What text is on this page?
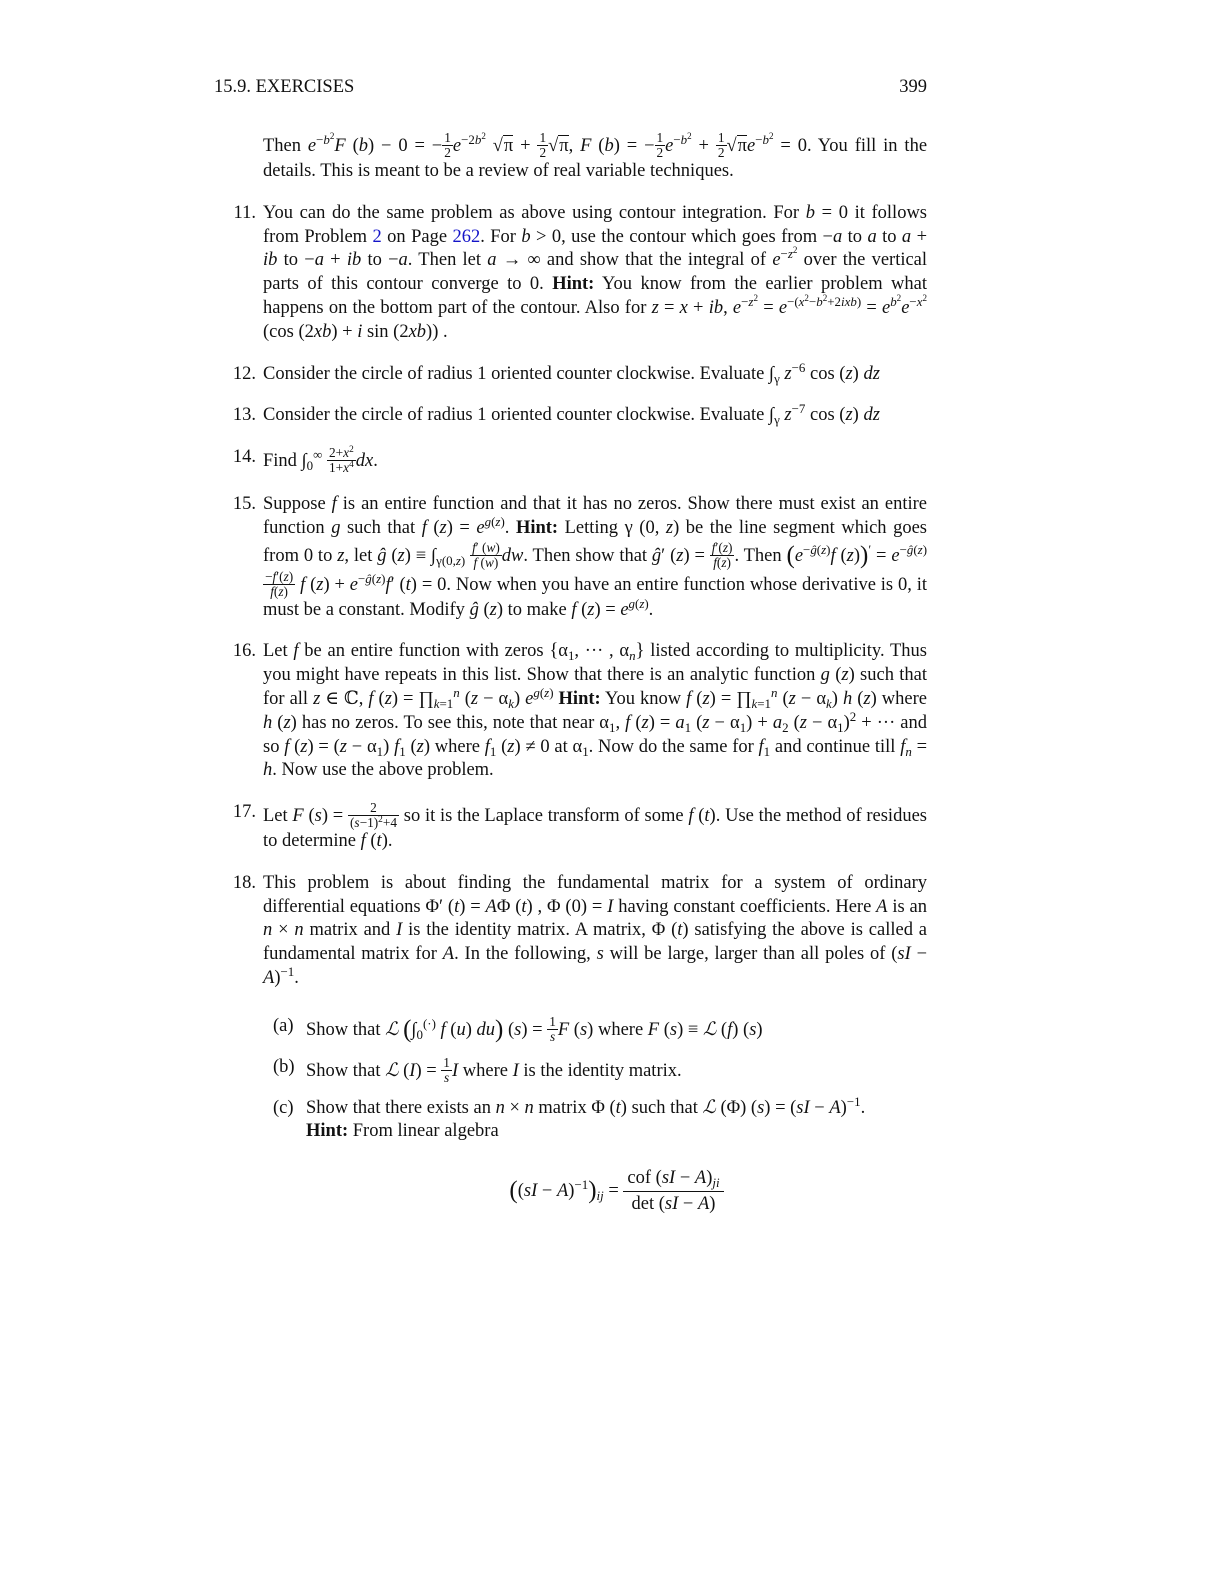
15.9. EXERCISES	399

Then $e^{-b^2}F$ (b) − 0 = − $\frac{1}{2} e^{-2b^2}$ $√\pi + \frac{1}{2} √\pi$, F (b) = − $\frac{1}{2} e^{-b^2} + \frac{1}{2} √\pi e^{-b^2} = 0$. You fill in the details. This is meant to be a review of real variable techniques.

11. You can do the same problem as above using contour integration. For b = 0 it follows from Problem 2 on Page 262. For b > 0, use the contour which goes from −a to a to a + ib to −a + ib to −a. Then let a → ∞ and show that the integral of $e^{-z^2}$ over the vertical parts of this contour converge to 0. Hint: You know from the earlier problem what happens on the bottom part of the contour. Also for z = x + ib, $e^{-z^2} = e^{-(x^2-b^2+2ixb)} = e^{b^2}e^{-x^2}$ (cos (2xb) + i sin (2xb)) .

12. Consider the circle of radius 1 oriented counter clockwise. Evaluate $\int_\gamma$ $z^{-6}$ cos (z) dz

13. Consider the circle of radius 1 oriented counter clockwise. Evaluate $\int_\gamma$ $z^{-7}$ cos (z) dz

14. Find $\int_0^\infty \frac{2+x^2}{1+x^4}$ dx.

15. Suppose f is an entire function and that it has no zeros. Show there must exist an entire function g such that f $(z) = e^{g(z)}$. Hint: Letting γ (0, z) be the line segment which goes from 0 to z, let ĝ $(z) \equiv \int_{\gamma(0,z)} \frac{f' (w)}{f (w)}$ dw. Then show that ĝ′ $(z) = \frac{f'(z)}{f(z)}$ . Then ($e^{-ĝ(z)}f$ $(z))' = e^{-ĝ(z)}$
$\frac{-f'(z)}{f(z)}$ f $(z) + e^{-ĝ(z)}f'$ (t) = 0. Now when you have an entire function whose derivative is 0, it must be a constant. Modify ĝ (z) to make f $(z) = e^{g(z)}$.

16. Let f be an entire function with zeros {$\alpha_1$, ··· , $\alpha_n$} listed according to multiplicity. Thus you might have repeats in this list. Show that there is an analytic function g (z) such that for all z ∈ ℂ, f $(z) = \prod_{k=1}^n$ $(z - \alpha_k)$ $e^{g(z)}$ Hint: You know f $(z) = \prod_{k=1}^n$ $(z - \alpha_k)$ h (z) where h (z) has no zeros. To see this, note that near $\alpha_1$, f $(z) = a_1$ $(z - \alpha_1) + a_2$ $(z - \alpha_1)^2$ + ··· and so f $(z) = (z - \alpha_1)$ $f_1$ (z) where $f_1$ (z) ≠ 0 at $\alpha_1$. Now do the same for $f_1$ and continue till $f_n = h$. Now use the above problem.

17. Let F $(s) = \frac{2}{(s-1)^2+4}$ so it is the Laplace transform of some f (t). Use the method of residues to determine f (t).

18. This problem is about finding the fundamental matrix for a system of ordinary differential equations Φ′ (t) = AΦ (t) , Φ (0) = I having constant coefficients. Here A is an n × n matrix and I is the identity matrix. A matrix, Φ (t) satisfying the above is called a fundamental matrix for A. In the following, s will be large, larger than all poles of (sI − A)$^{-1}$.

(a) Show that ℒ ($\int_0^{(\cdot)}$ f (u) du) $(s) = \frac{1}{s}$ F (s) where F (s) ≡ ℒ (f) (s)

(b) Show that ℒ $(I) = \frac{1}{s}$ I where I is the identity matrix.

(c) Show that there exists an n × n matrix Φ (t) such that ℒ (Φ) (s) = (sI − A)$^{-1}$.
Hint: From linear algebra

$((sI - A)^{-1})_{ij}$ =
cof $(sI - A)_{ji}$
det (sI − A)
